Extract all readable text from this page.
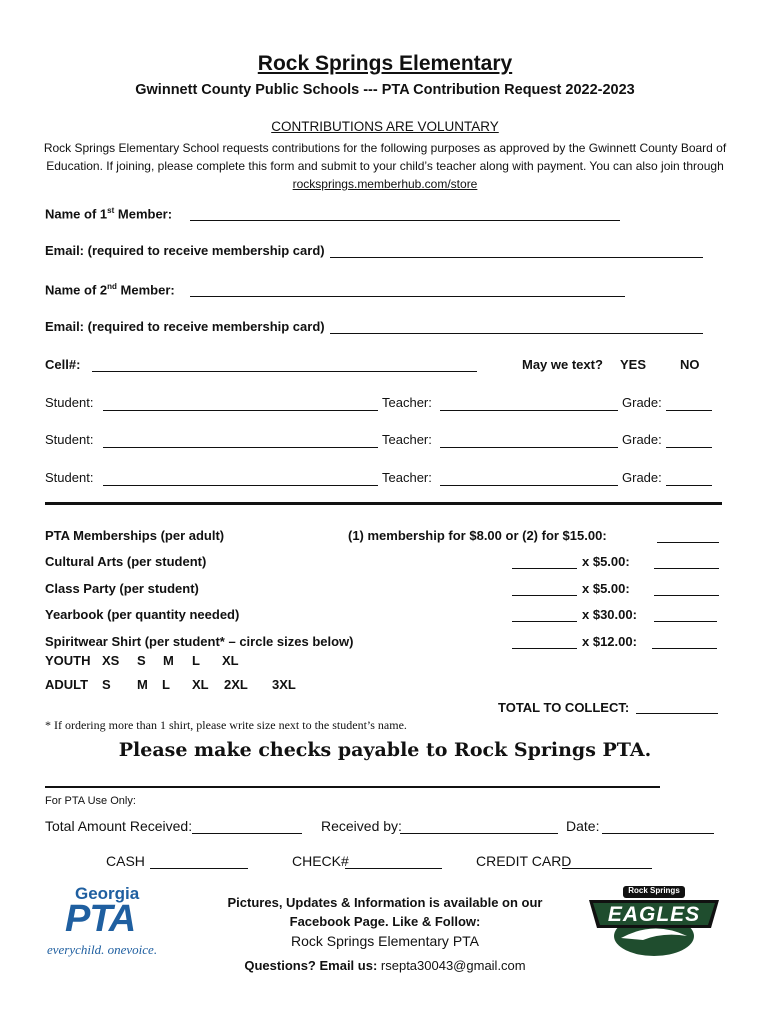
Rock Springs Elementary
Gwinnett County Public Schools --- PTA Contribution Request 2022-2023
CONTRIBUTIONS ARE VOLUNTARY
Rock Springs Elementary School requests contributions for the following purposes as approved by the Gwinnett County Board of Education. If joining, please complete this form and submit to your child’s teacher along with payment. You can also join through rocksprings.memberhub.com/store
Name of 1st Member:
Email: (required to receive membership card)
Name of 2nd Member:
Email: (required to receive membership card)
Cell#:	May we text? YES	NO
Student:	Teacher:	Grade:
Student:	Teacher:	Grade:
Student:	Teacher:	Grade:
PTA Memberships (per adult)	(1) membership for $8.00 or (2) for $15.00:
Cultural Arts (per student)	x $5.00:
Class Party (per student)	x $5.00:
Yearbook (per quantity needed)	x $30.00:
Spiritwear Shirt (per student* – circle sizes below)	x $12.00:
YOUTH XS S M L XL
ADULT S M L XL 2XL 3XL
TOTAL TO COLLECT:
* If ordering more than 1 shirt, please write size next to the student’s name.
Please make checks payable to Rock Springs PTA.
For PTA Use Only:
Total Amount Received:	Received by:	Date:
CASH	CHECK#	CREDIT CARD
Georgia
PTA
everychild. onevoice.
Pictures, Updates & Information is available on our
Facebook Page. Like & Follow:
Rock Springs Elementary PTA
Questions? Email us: rsepta30043@gmail.com
Rock Springs
EAGLES
